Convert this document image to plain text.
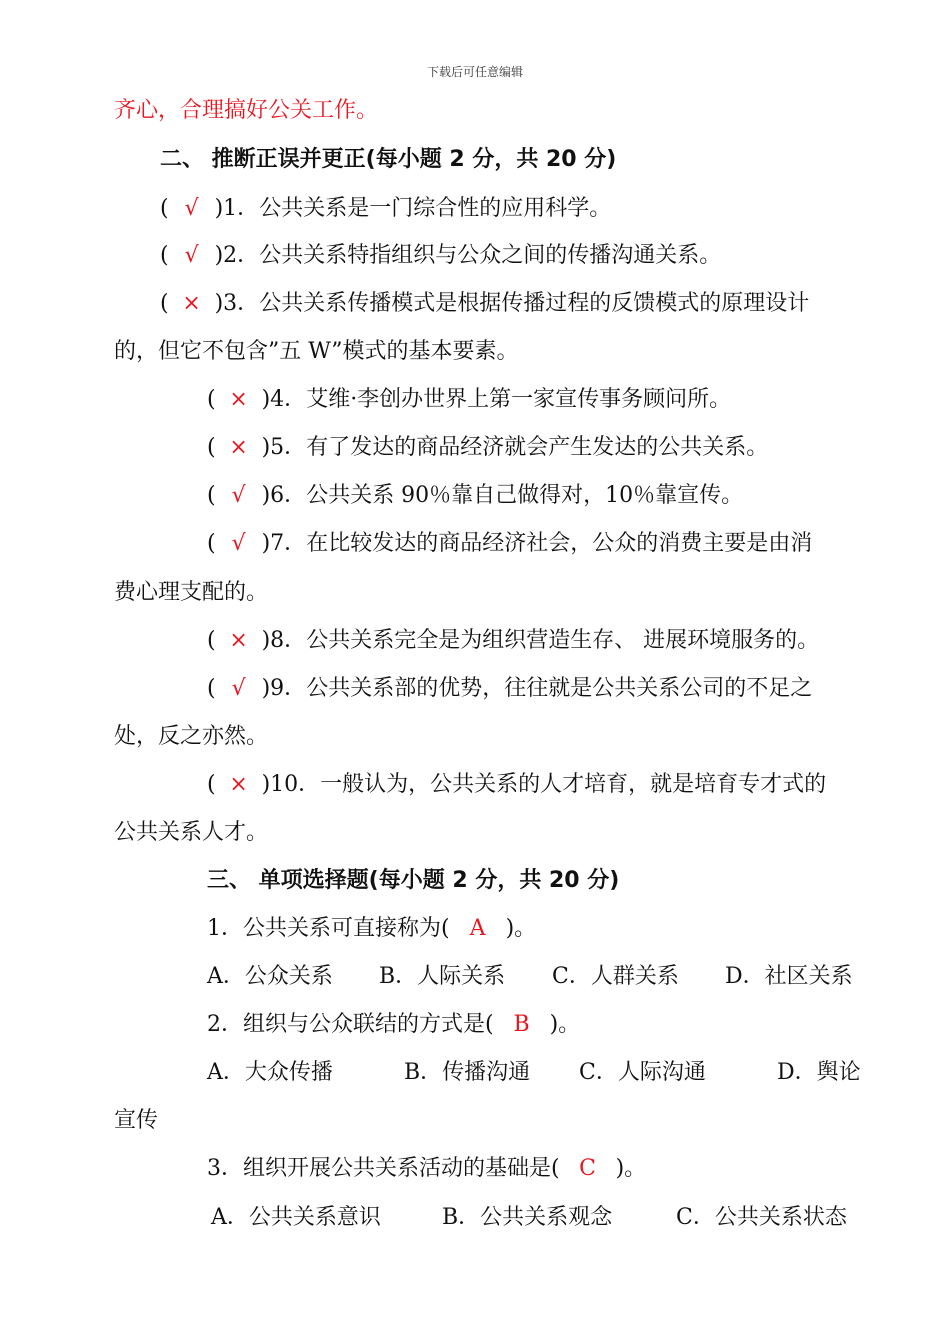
下载后可任意编辑
齐心，合理搞好公关工作。
二、 推断正误并更正(每小题 2 分，共 20 分)
( √ )1．公共关系是一门综合性的应用科学。
( √ )2．公共关系特指组织与公众之间的传播沟通关系。
( × )3．公共关系传播模式是根据传播过程的反馈模式的原理设计
的，但它不包含”五 W”模式的基本要素。
( × )4．艾维·李创办世界上第一家宣传事务顾问所。
( × )5．有了发达的商品经济就会产生发达的公共关系。
( √ )6．公共关系 90％靠自己做得对，10％靠宣传。
( √ )7．在比较发达的商品经济社会，公众的消费主要是由消
费心理支配的。
( × )8．公共关系完全是为组织营造生存、 进展环境服务的。
( √ )9．公共关系部的优势，往往就是公共关系公司的不足之
处，反之亦然。
( × )10．一般认为，公共关系的人才培育，就是培育专才式的
公共关系人才。
三、 单项选择题(每小题 2 分，共 20 分)
1．公共关系可直接称为( A )。
A．公众关系 B．人际关系 C．人群关系 D．社区关系
2．组织与公众联结的方式是( B )。
A．大众传播	B．传播沟通 C．人际沟通	D．舆论
宣传
3．组织开展公共关系活动的基础是( C )。
A．公共关系意识	B．公共关系观念	C．公共关系状态
